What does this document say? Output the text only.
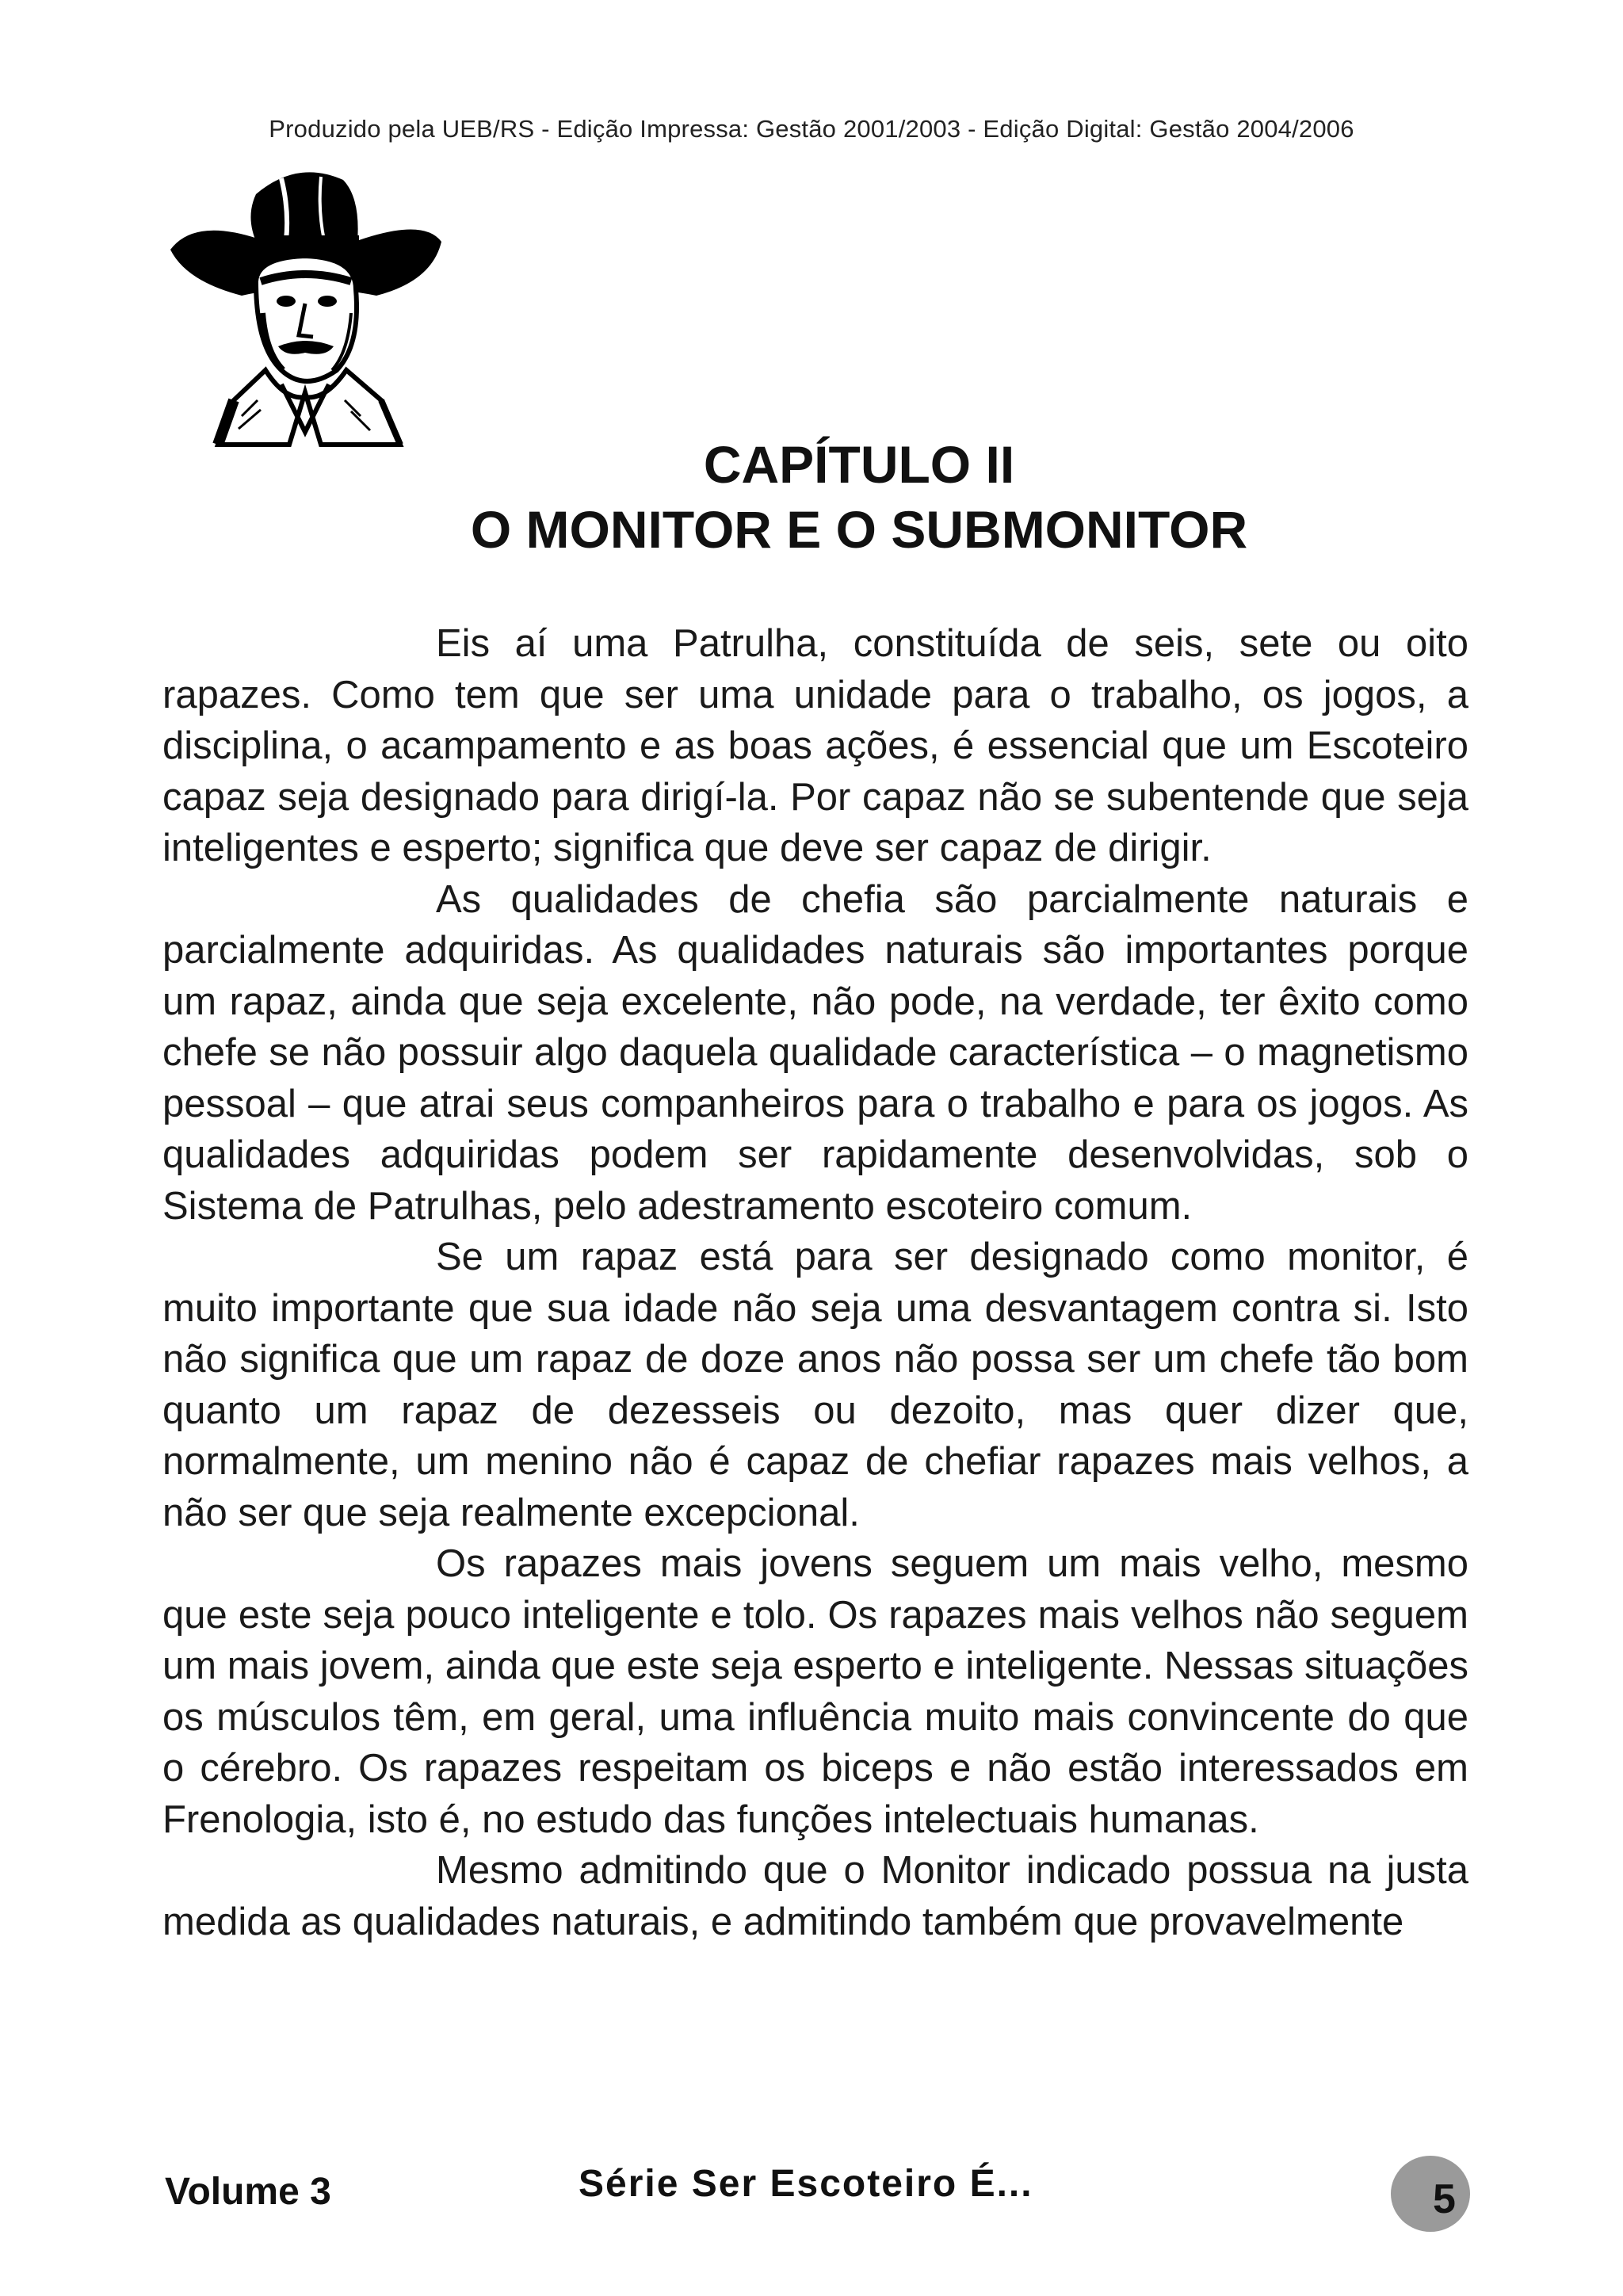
Produzido pela UEB/RS - Edição Impressa: Gestão 2001/2003 - Edição Digital: Gestão 2004/2006
CAPÍTULO II
O MONITOR E O SUBMONITOR

Eis aí uma Patrulha, constituída de seis, sete ou oito rapazes. Como tem que ser uma unidade para o trabalho, os jogos, a disciplina, o acampamento e as boas ações, é essencial que um Escoteiro capaz seja designado para dirigí-la. Por capaz não se subentende que seja inteligentes e esperto; significa que deve ser capaz de dirigir.

As qualidades de chefia são parcialmente naturais e parcialmente adquiridas. As qualidades naturais são importantes porque um rapaz, ainda que seja excelente, não pode, na verdade, ter êxito como chefe se não possuir algo daquela qualidade característica – o magnetismo pessoal – que atrai seus companheiros para o trabalho e para os jogos. As qualidades adquiridas podem ser rapidamente desenvolvidas, sob o Sistema de Patrulhas, pelo adestramento escoteiro comum.

Se um rapaz está para ser designado como monitor, é muito importante que sua idade não seja uma desvantagem contra si. Isto não significa que um rapaz de doze anos não possa ser um chefe tão bom quanto um rapaz de dezesseis ou dezoito, mas quer dizer que, normalmente, um menino não é capaz de chefiar rapazes mais velhos, a não ser que seja realmente excepcional.

Os rapazes mais jovens seguem um mais velho, mesmo que este seja pouco inteligente e tolo. Os rapazes mais velhos não seguem um mais jovem, ainda que este seja esperto e inteligente. Nessas situações os músculos têm, em geral, uma influência muito mais convincente do que o cérebro. Os rapazes respeitam os biceps e não estão interessados em Frenologia, isto é, no estudo das funções intelectuais humanas.

Mesmo admitindo que o Monitor indicado possua na justa medida as qualidades naturais, e admitindo também que provavelmente

Volume 3	Série Ser Escoteiro É...	5
